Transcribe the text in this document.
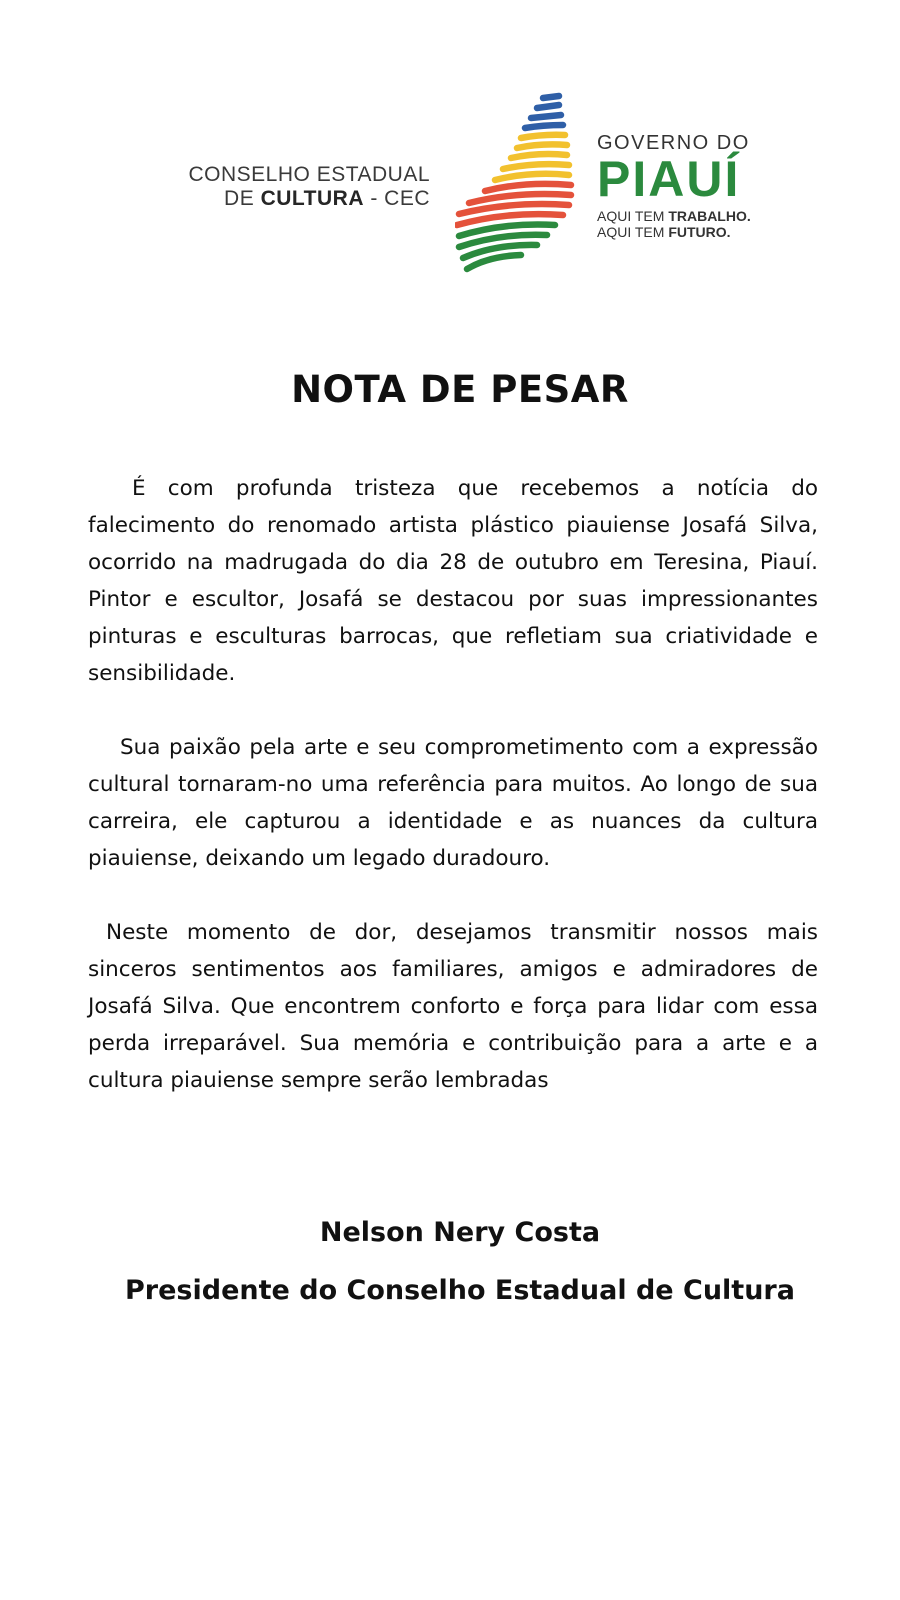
CONSELHO ESTADUAL
DE CULTURA - CEC
GOVERNO DO
PIAUÍ
AQUI TEM TRABALHO.
AQUI TEM FUTURO.
NOTA DE PESAR

É com profunda tristeza que recebemos a notícia do falecimento do renomado artista plástico piauiense Josafá Silva, ocorrido na madrugada do dia 28 de outubro em Teresina, Piauí. Pintor e escultor, Josafá se destacou por suas impressionantes pinturas e esculturas barrocas, que refletiam sua criatividade e sensibilidade.

Sua paixão pela arte e seu comprometimento com a expressão cultural tornaram-no uma referência para muitos. Ao longo de sua carreira, ele capturou a identidade e as nuances da cultura piauiense, deixando um legado duradouro.

Neste momento de dor, desejamos transmitir nossos mais sinceros sentimentos aos familiares, amigos e admiradores de Josafá Silva. Que encontrem conforto e força para lidar com essa perda irreparável. Sua memória e contribuição para a arte e a cultura piauiense sempre serão lembradas

Nelson Nery Costa
Presidente do Conselho Estadual de Cultura
